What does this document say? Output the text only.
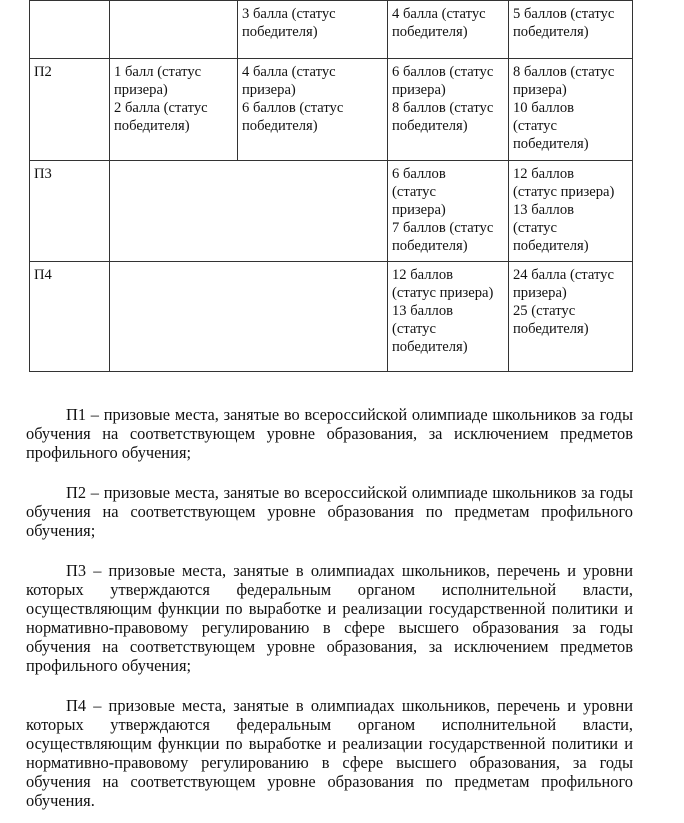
		3 балла (статус
победителя)	4 балла (статус
победителя)	5 баллов (статус
победителя)
П2	1 балл (статус
призера)
2 балла (статус
победителя)	4 балла (статус
призера)
6 баллов (статус
победителя)	6 баллов (статус
призера)
8 баллов (статус
победителя)	8 баллов (статус
призера)
10 баллов
(статус
победителя)
П3			6 баллов
(статус
призера)
7 баллов (статус
победителя)	12 баллов
(статус призера)
13 баллов
(статус
победителя)
П4			12 баллов
(статус призера)
13 баллов
(статус
победителя)	24 балла (статус
призера)
25 (статус
победителя)

П1 – призовые места, занятые во всероссийской олимпиаде школьников за годы обучения на соответствующем уровне образования, за исключением предметов профильного обучения;

П2 – призовые места, занятые во всероссийской олимпиаде школьников за годы обучения на соответствующем уровне образования по предметам профильного обучения;

П3 – призовые места, занятые в олимпиадах школьников, перечень и уровни которых утверждаются федеральным органом исполнительной власти, осуществляющим функции по выработке и реализации государственной политики и нормативно-правовому регулированию в сфере высшего образования за годы обучения на соответствующем уровне образования, за исключением предметов профильного обучения;

П4 – призовые места, занятые в олимпиадах школьников, перечень и уровни которых утверждаются федеральным органом исполнительной власти, осуществляющим функции по выработке и реализации государственной политики и нормативно-правовому регулированию в сфере высшего образования, за годы обучения на соответствующем уровне образования по предметам профильного обучения.
